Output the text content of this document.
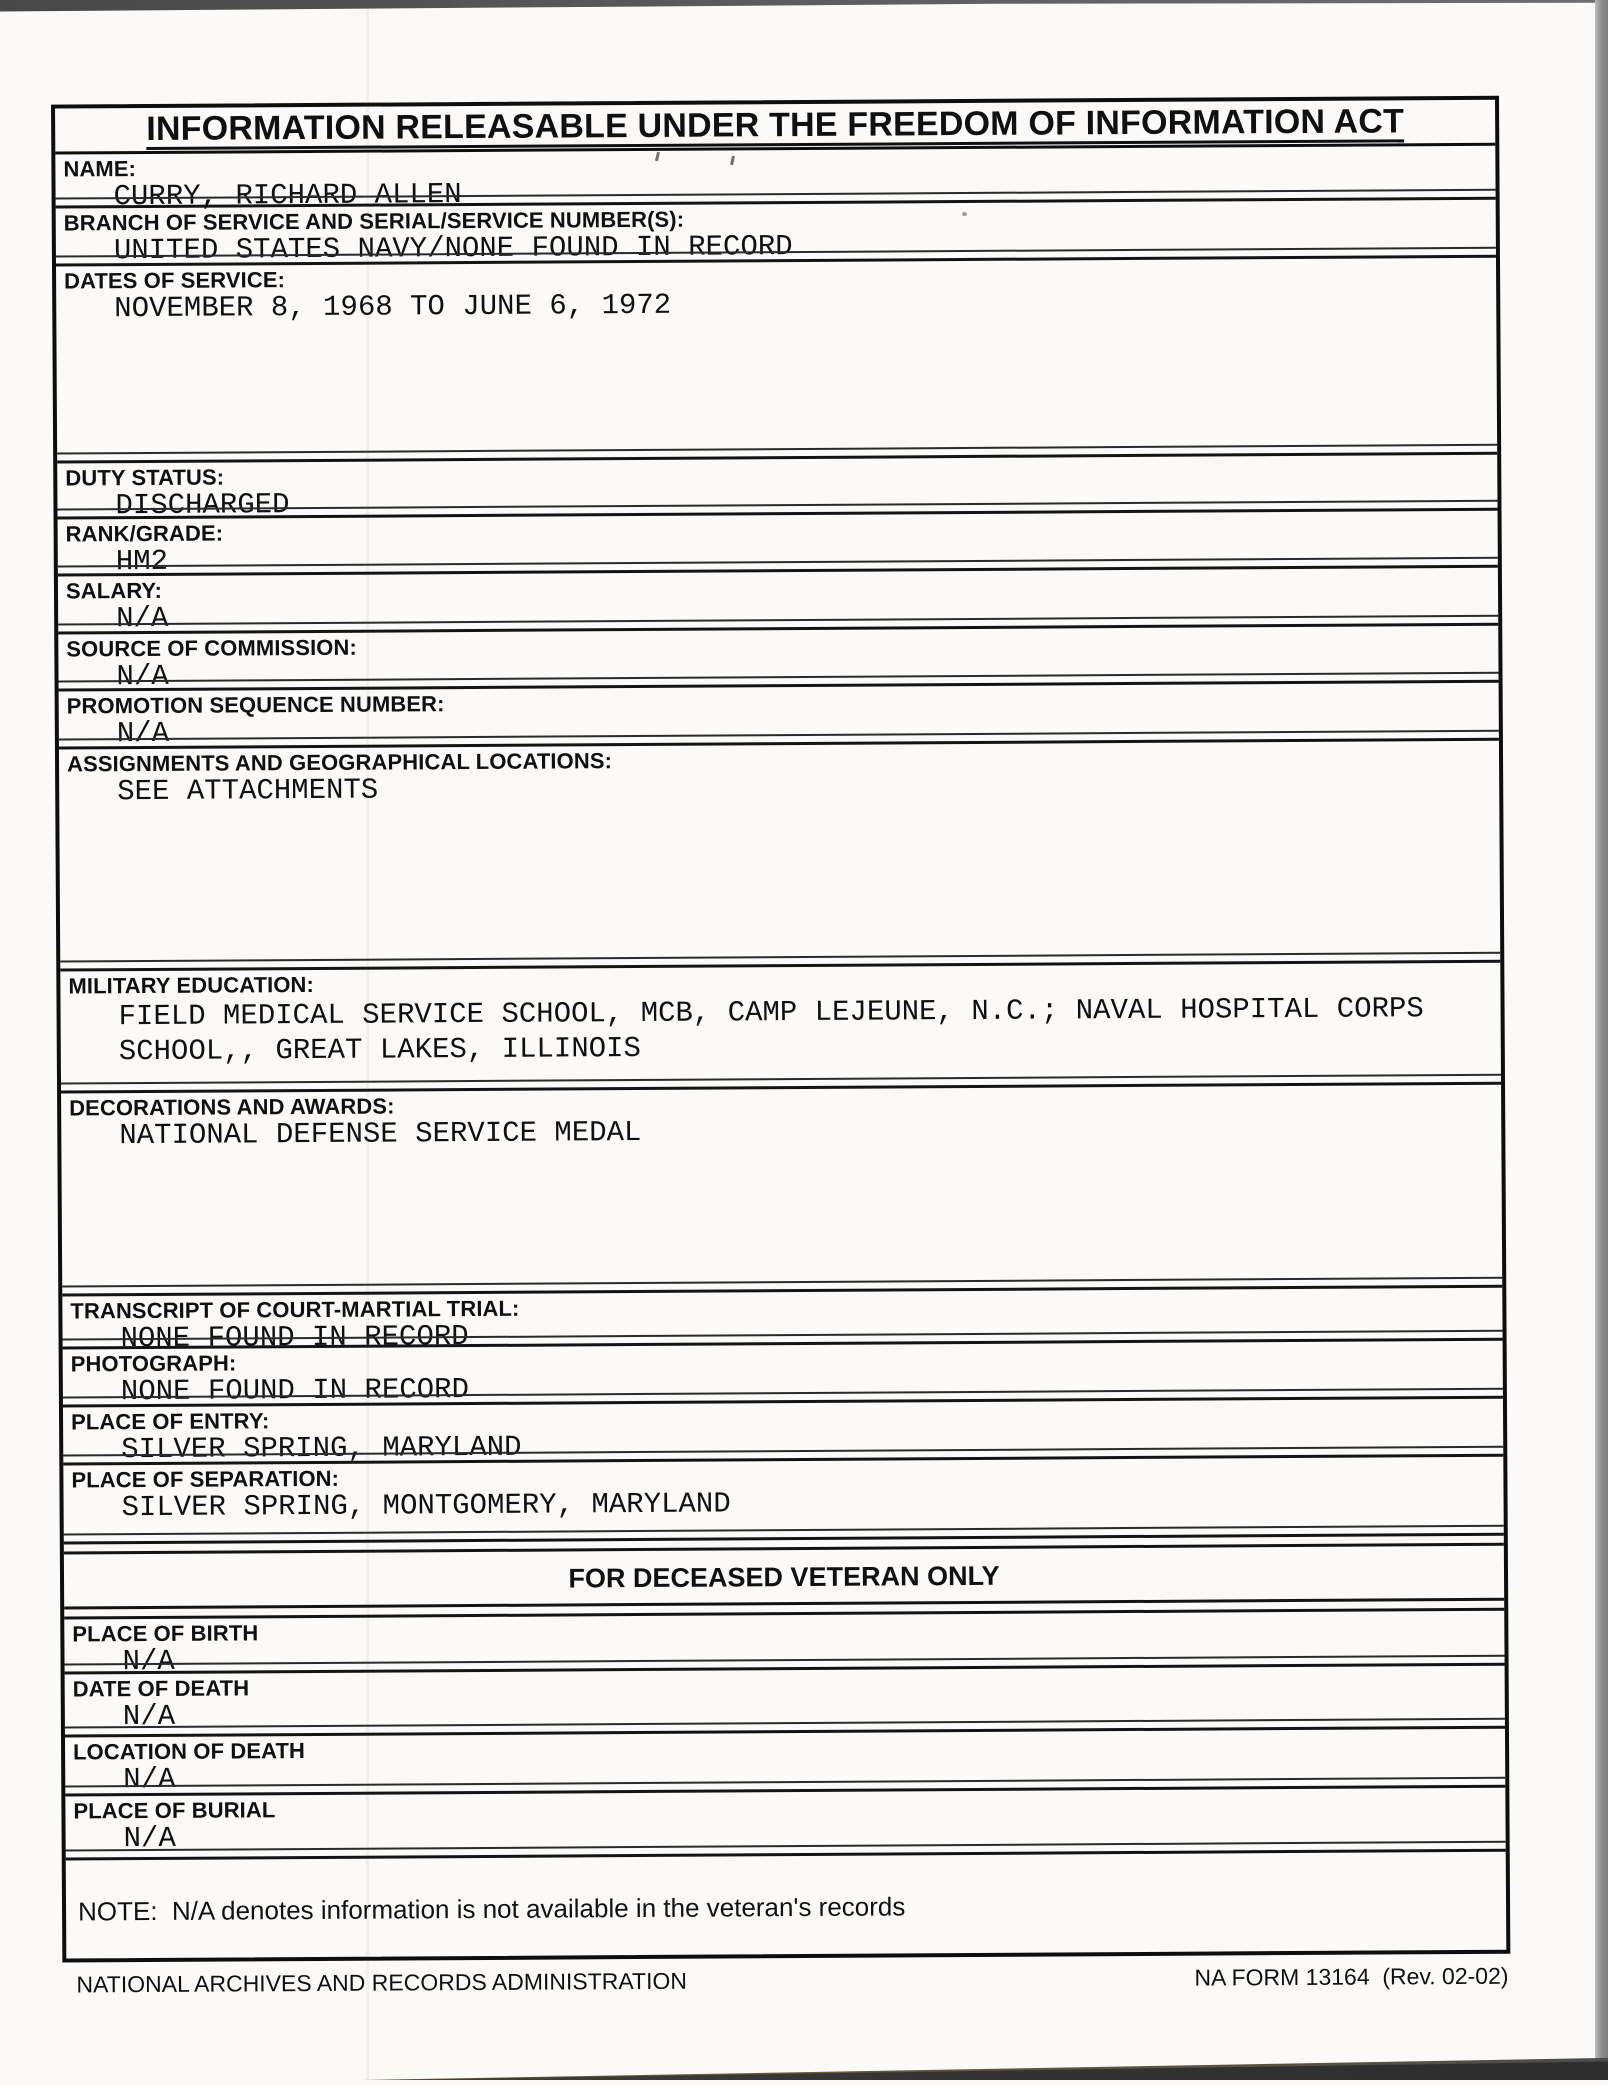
INFORMATION RELEASABLE UNDER THE FREEDOM OF INFORMATION ACT
NAME:
CURRY, RICHARD ALLEN
BRANCH OF SERVICE AND SERIAL/SERVICE NUMBER(S):
UNITED STATES NAVY/NONE FOUND IN RECORD
DATES OF SERVICE:
NOVEMBER 8, 1968 TO JUNE 6, 1972
DUTY STATUS:
DISCHARGED
RANK/GRADE:
HM2
SALARY:
N/A
SOURCE OF COMMISSION:
N/A
PROMOTION SEQUENCE NUMBER:
N/A
ASSIGNMENTS AND GEOGRAPHICAL LOCATIONS:
SEE ATTACHMENTS
MILITARY EDUCATION:
FIELD MEDICAL SERVICE SCHOOL, MCB, CAMP LEJEUNE, N.C.; NAVAL HOSPITAL CORPS
SCHOOL,, GREAT LAKES, ILLINOIS
DECORATIONS AND AWARDS:
NATIONAL DEFENSE SERVICE MEDAL
TRANSCRIPT OF COURT-MARTIAL TRIAL:
NONE FOUND IN RECORD
PHOTOGRAPH:
NONE FOUND IN RECORD
PLACE OF ENTRY:
SILVER SPRING, MARYLAND
PLACE OF SEPARATION:
SILVER SPRING, MONTGOMERY, MARYLAND
FOR DECEASED VETERAN ONLY
PLACE OF BIRTH
N/A
DATE OF DEATH
N/A
LOCATION OF DEATH
N/A
PLACE OF BURIAL
N/A
NOTE:  N/A denotes information is not available in the veteran's records
NATIONAL ARCHIVES AND RECORDS ADMINISTRATION	NA FORM 13164  (Rev. 02-02)
